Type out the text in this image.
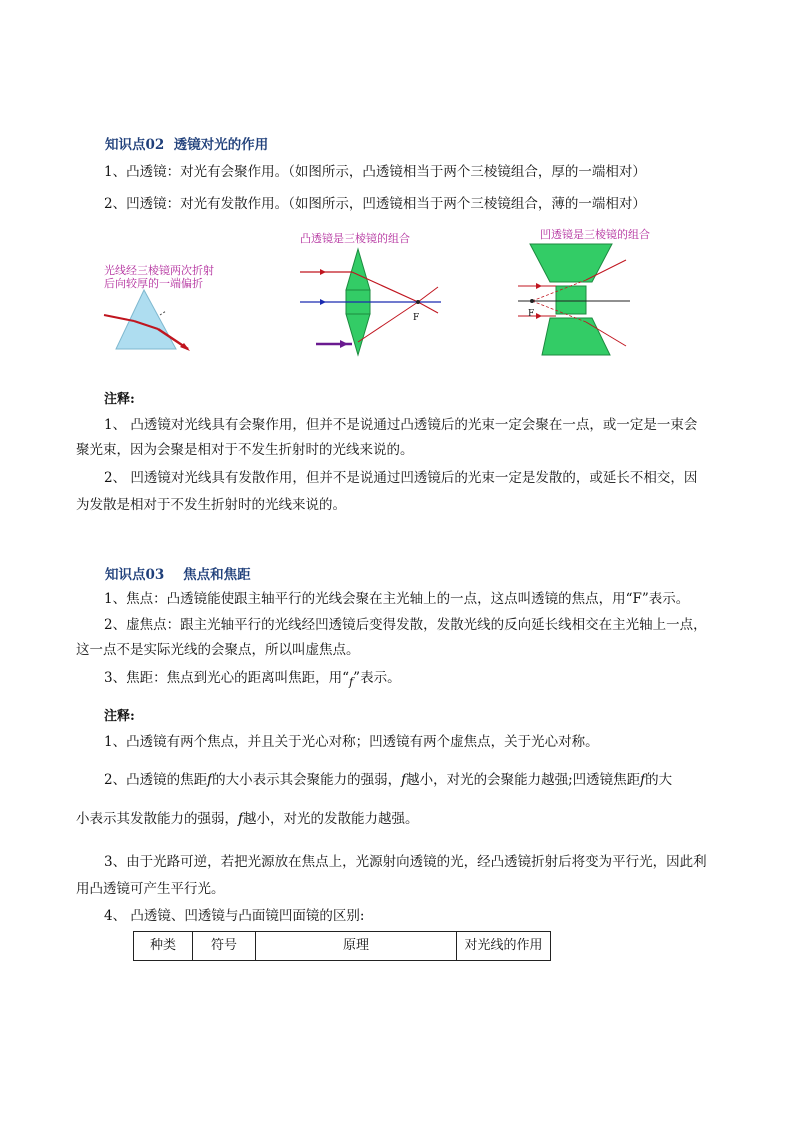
知识点02 透镜对光的作用
1、凸透镜：对光有会聚作用。（如图所示，凸透镜相当于两个三棱镜组合，厚的一端相对）
2、凹透镜：对光有发散作用。（如图所示，凹透镜相当于两个三棱镜组合，薄的一端相对）
光线经三棱镜两次折射
后向较厚的一端偏折
凸透镜是三棱镜的组合
F
凹透镜是三棱镜的组合
F
注释:
1、 凸透镜对光线具有会聚作用，但并不是说通过凸透镜后的光束一定会聚在一点，或一定是一束会
聚光束，因为会聚是相对于不发生折射时的光线来说的。
2、 凹透镜对光线具有发散作用，但并不是说通过凹透镜后的光束一定是发散的，或延长不相交，因
为发散是相对于不发生折射时的光线来说的。
知识点03 焦点和焦距
1、焦点：凸透镜能使跟主轴平行的光线会聚在主光轴上的一点，这点叫透镜的焦点，用“F”表示。
2、虚焦点：跟主光轴平行的光线经凹透镜后变得发散，发散光线的反向延长线相交在主光轴上一点，
这一点不是实际光线的会聚点，所以叫虚焦点。
3、焦距：焦点到光心的距离叫焦距，用“$_f$”表示。
注释:
1、凸透镜有两个焦点，并且关于光心对称；凹透镜有两个虚焦点，关于光心对称。
2、凸透镜的焦距f的大小表示其会聚能力的强弱，f越小，对光的会聚能力越强;凹透镜焦距f的大
小表示其发散能力的强弱，f越小，对光的发散能力越强。
3、由于光路可逆，若把光源放在焦点上，光源射向透镜的光，经凸透镜折射后将变为平行光，因此利
用凸透镜可产生平行光。
4、 凸透镜、凹透镜与凸面镜凹面镜的区别:
种类	符号	原理	对光线的作用
